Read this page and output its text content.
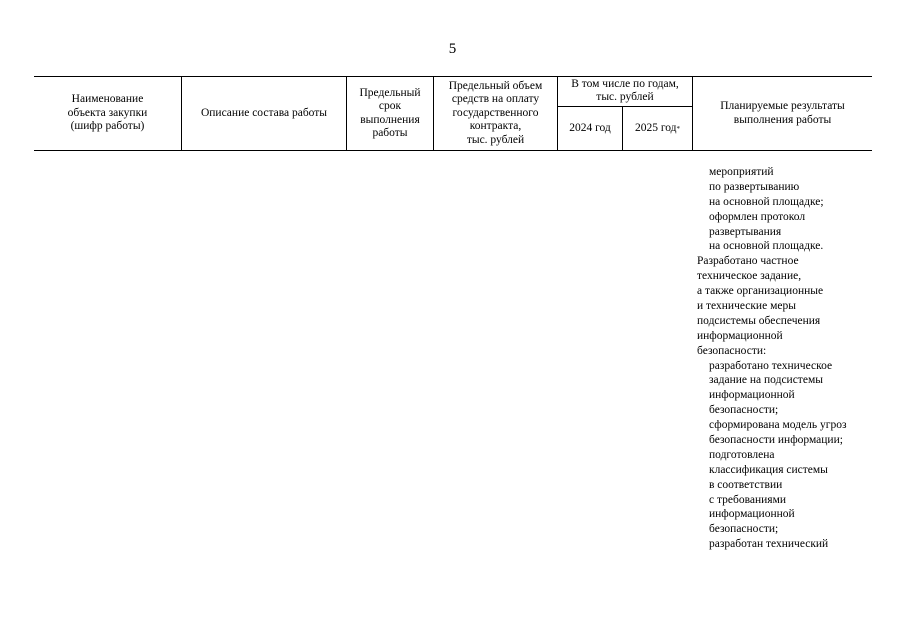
5
Наименование
объекта закупки
(шифр работы)
Описание состава работы
Предельный
срок
выполнения
работы
Предельный объем
средств на оплату
государственного
контракта,
тыс. рублей
В том числе по годам,
тыс. рублей
2024 год	2025 год *
Планируемые результаты
выполнения работы
мероприятий
по развертыванию
на основной площадке;
оформлен протокол
развертывания
на основной площадке.
Разработано частное
техническое задание,
а также организационные
и технические меры
подсистемы обеспечения
информационной
безопасности:
разработано техническое
задание на подсистемы
информационной
безопасности;
сформирована модель угроз
безопасности информации;
подготовлена
классификация системы
в соответствии
с требованиями
информационной
безопасности;
разработан технический
